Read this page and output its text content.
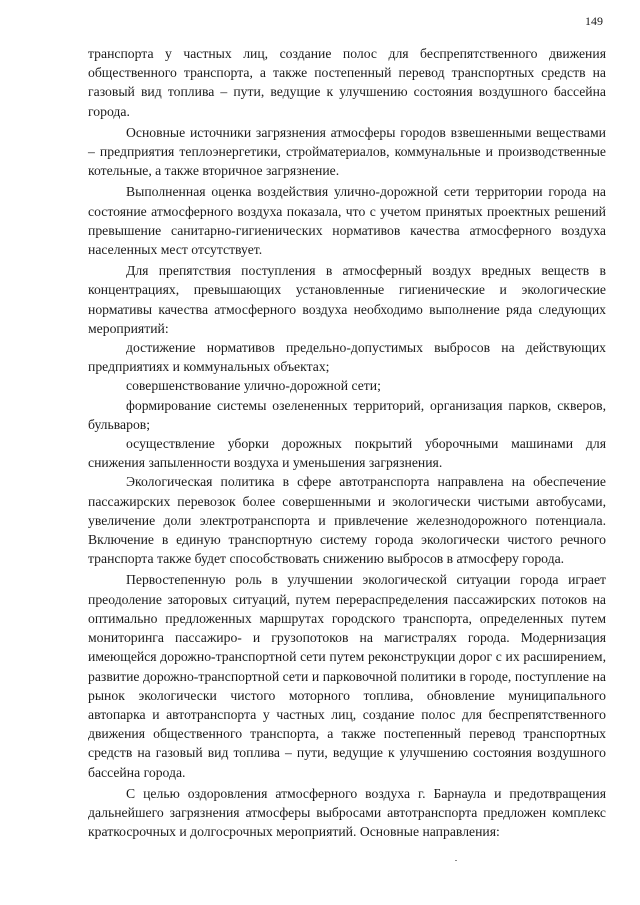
149

транспорта у частных лиц, создание полос для беспрепятственного движения общественного транспорта, а также постепенный перевод транспортных средств на газовый вид топлива – пути, ведущие к улучшению состояния воздушного бассейна города.

Основные источники загрязнения атмосферы городов взвешенными веществами – предприятия теплоэнергетики, стройматериалов, коммунальные и производственные котельные, а также вторичное загрязнение.

Выполненная оценка воздействия улично-дорожной сети территории города на состояние атмосферного воздуха показала, что с учетом принятых проектных решений превышение санитарно-гигиенических нормативов качества атмосферного воздуха населенных мест отсутствует.

Для препятствия поступления в атмосферный воздух вредных веществ в концентрациях, превышающих установленные гигиенические и экологические нормативы качества атмосферного воздуха необходимо выполнение ряда следующих мероприятий:

достижение нормативов предельно-допустимых выбросов на действующих предприятиях и коммунальных объектах;

совершенствование улично-дорожной сети;

формирование системы озелененных территорий, организация парков, скверов, бульваров;

осуществление уборки дорожных покрытий уборочными машинами для снижения запыленности воздуха и уменьшения загрязнения.

Экологическая политика в сфере автотранспорта направлена на обеспечение пассажирских перевозок более совершенными и экологически чистыми автобусами, увеличение доли электротранспорта и привлечение железнодорожного потенциала. Включение в единую транспортную систему города экологически чистого речного транспорта также будет способствовать снижению выбросов в атмосферу города.

Первостепенную роль в улучшении экологической ситуации города играет преодоление заторовых ситуаций, путем перераспределения пассажирских потоков на оптимально предложенных маршрутах городского транспорта, определенных путем мониторинга пассажиро- и грузопотоков на магистралях города. Модернизация имеющейся дорожно-транспортной сети путем реконструкции дорог с их расширением, развитие дорожно-транспортной сети и парковочной политики в городе, поступление на рынок экологически чистого моторного топлива, обновление муниципального автопарка и автотранспорта у частных лиц, создание полос для беспрепятственного движения общественного транспорта, а также постепенный перевод транспортных средств на газовый вид топлива – пути, ведущие к улучшению состояния воздушного бассейна города.

С целью оздоровления атмосферного воздуха г. Барнаула и предотвращения дальнейшего загрязнения атмосферы выбросами автотранспорта предложен комплекс краткосрочных и долгосрочных мероприятий. Основные направления:
